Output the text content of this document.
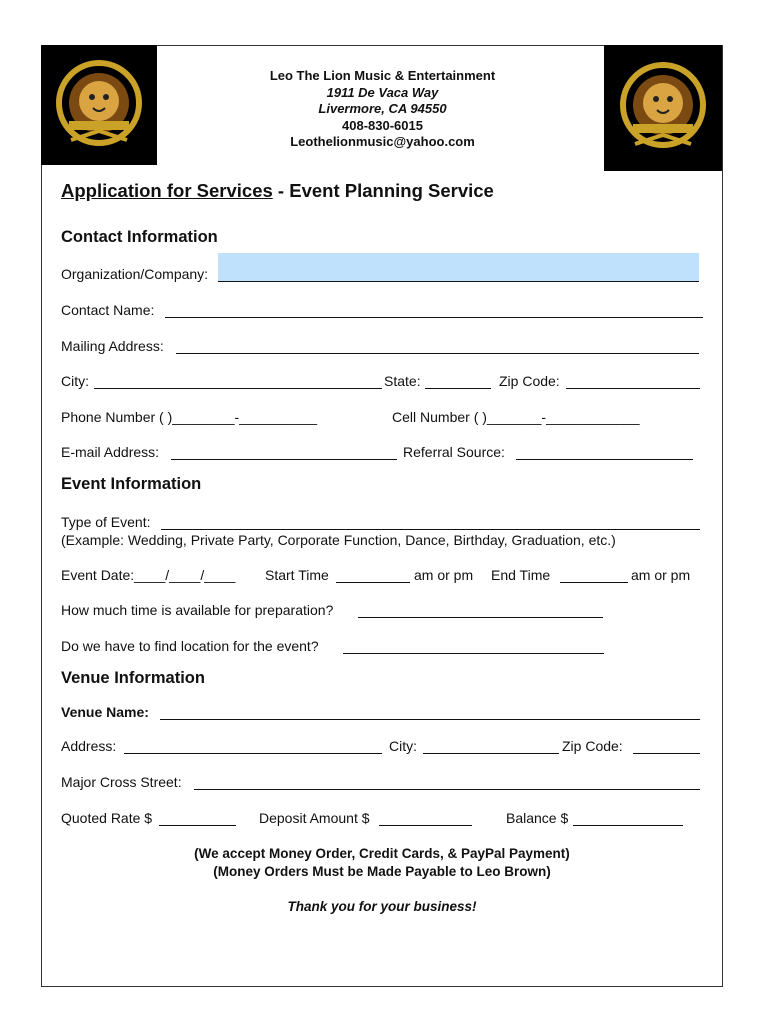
Leo The Lion Music & Entertainment
1911 De Vaca Way
Livermore, CA 94550
408-830-6015
Leothelionmusic@yahoo.com
Application for Services - Event Planning Service
Contact Information
Organization/Company:
Contact Name:
Mailing Address:
City:	State:	Zip Code:
Phone Number ( )________-__________	Cell Number ( )_______-____________
E-mail Address:	Referral Source:
Event Information
Type of Event:
(Example: Wedding, Private Party, Corporate Function, Dance, Birthday, Graduation, etc.)
Event Date:____/____/____ Start Time	am or pm End Time	am or pm
How much time is available for preparation?
Do we have to find location for the event?
Venue Information
Venue Name:
Address:	City:	Zip Code:
Major Cross Street:
Quoted Rate $	Deposit Amount $	Balance $
(We accept Money Order, Credit Cards, & PayPal Payment)
(Money Orders Must be Made Payable to Leo Brown)
Thank you for your business!
